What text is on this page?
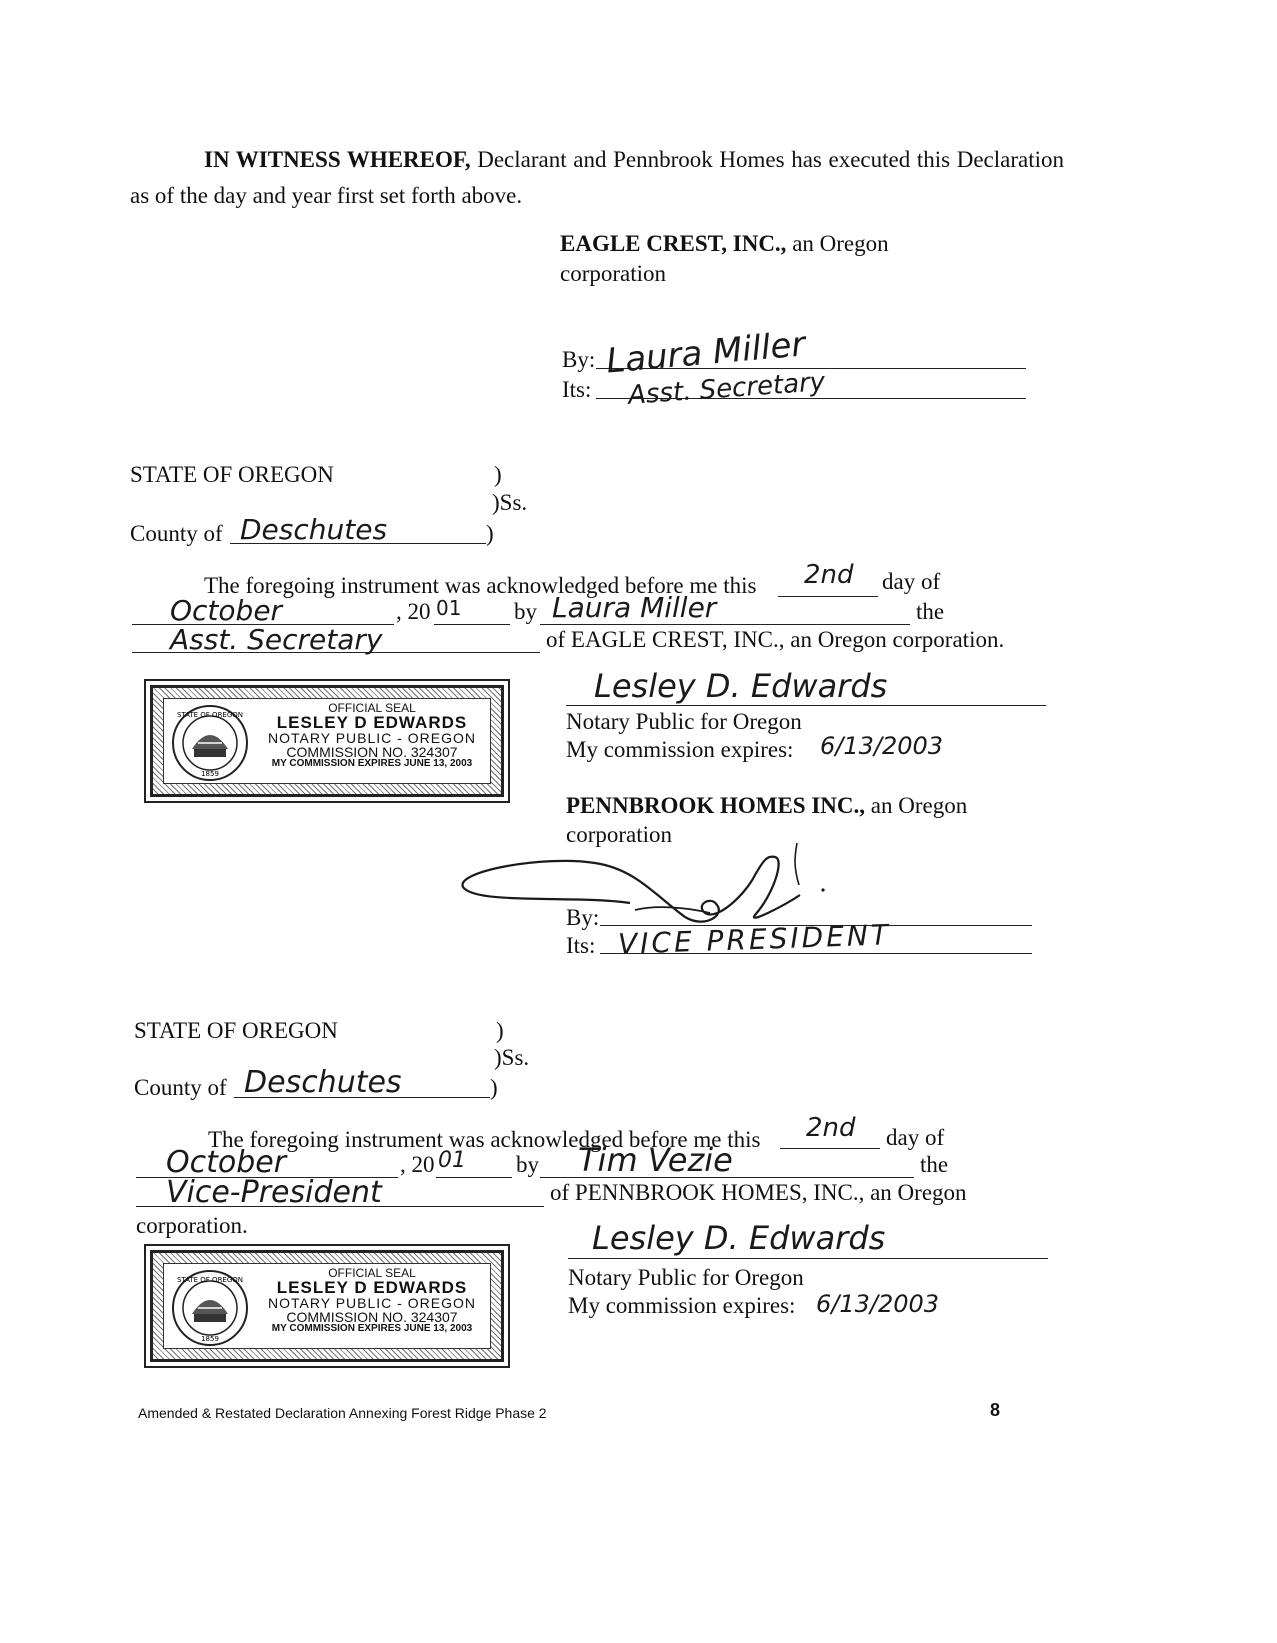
IN WITNESS WHEREOF, Declarant and Pennbrook Homes has executed this Declaration as of the day and year first set forth above.
EAGLE CREST, INC., an Oregon
corporation
By: Laura Miller
Its: Asst. Secretary
STATE OF OREGON	)
)Ss.
County of Deschutes	)
The foregoing instrument was acknowledged before me this 2nd day of
October	, 20 01 by Laura Miller	the
Asst. Secretary	of EAGLE CREST, INC., an Oregon corporation.
STATE OF OREGON
1859
OFFICIAL SEAL
LESLEY D EDWARDS
NOTARY PUBLIC - OREGON
COMMISSION NO. 324307
MY COMMISSION EXPIRES JUNE 13, 2003
Lesley D. Edwards
Notary Public for Oregon
My commission expires: 6/13/2003
PENNBROOK HOMES INC., an Oregon
corporation
By:
Its: VICE PRESIDENT
STATE OF OREGON	)
)Ss.
County of Deschutes	)
The foregoing instrument was acknowledged before me this 2nd day of
October	, 20 01 by Tim Vezie	the
Vice-President	of PENNBROOK HOMES, INC., an Oregon
corporation.
STATE OF OREGON
1859
OFFICIAL SEAL
LESLEY D EDWARDS
NOTARY PUBLIC - OREGON
COMMISSION NO. 324307
MY COMMISSION EXPIRES JUNE 13, 2003
Lesley D. Edwards
Notary Public for Oregon
My commission expires: 6/13/2003
Amended & Restated Declaration Annexing Forest Ridge Phase 2	8
